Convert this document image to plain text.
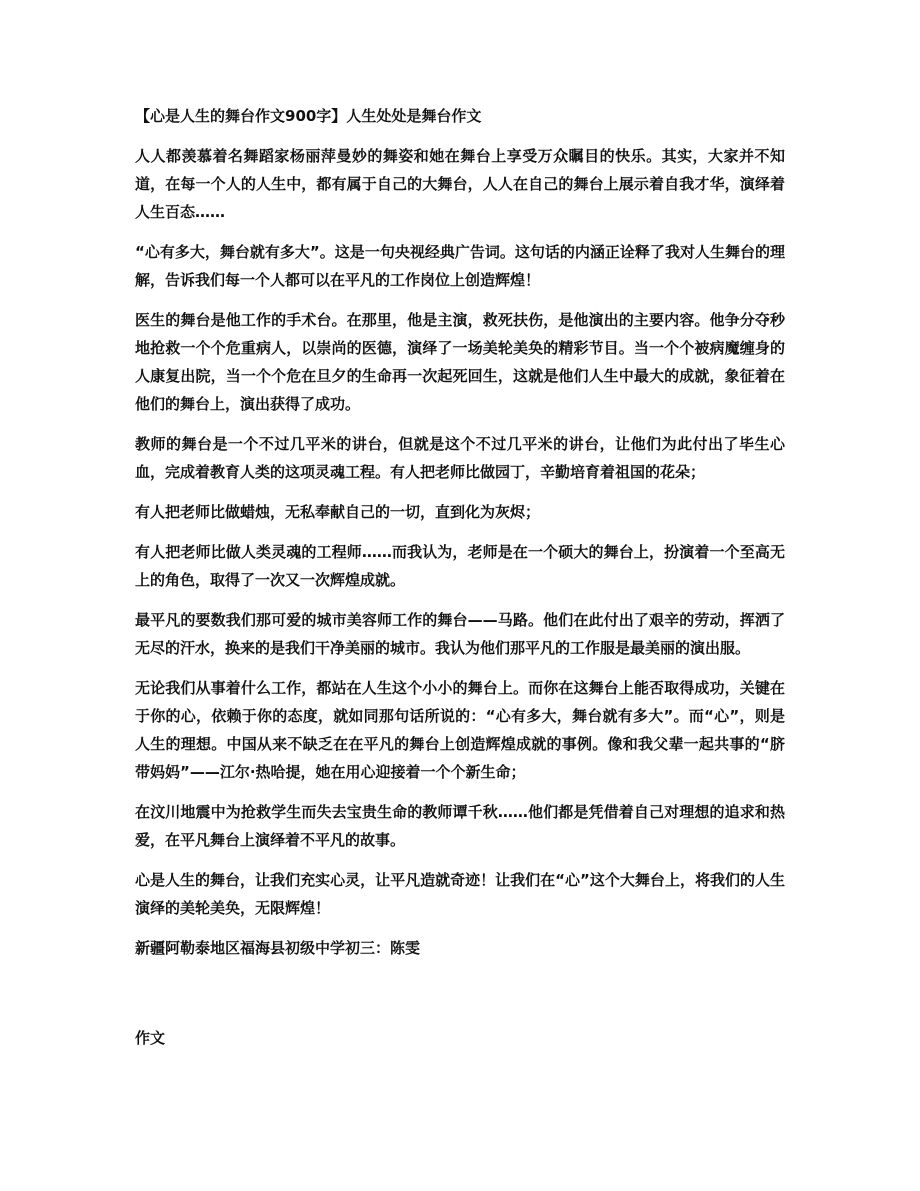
【心是人生的舞台作文900字】人生处处是舞台作文

人人都羡慕着名舞蹈家杨丽萍曼妙的舞姿和她在舞台上享受万众瞩目的快乐。其实，大家并不知道，在每一个人的人生中，都有属于自己的大舞台，人人在自己的舞台上展示着自我才华，演绎着人生百态……

“心有多大，舞台就有多大”。这是一句央视经典广告词。这句话的内涵正诠释了我对人生舞台的理解，告诉我们每一个人都可以在平凡的工作岗位上创造辉煌！

医生的舞台是他工作的手术台。在那里，他是主演，救死扶伤，是他演出的主要内容。他争分夺秒地抢救一个个危重病人，以崇尚的医德，演绎了一场美轮美奂的精彩节目。当一个个被病魔缠身的人康复出院，当一个个危在旦夕的生命再一次起死回生，这就是他们人生中最大的成就，象征着在他们的舞台上，演出获得了成功。

教师的舞台是一个不过几平米的讲台，但就是这个不过几平米的讲台，让他们为此付出了毕生心血，完成着教育人类的这项灵魂工程。有人把老师比做园丁，辛勤培育着祖国的花朵；

有人把老师比做蜡烛，无私奉献自己的一切，直到化为灰烬；

有人把老师比做人类灵魂的工程师……而我认为，老师是在一个硕大的舞台上，扮演着一个至高无上的角色，取得了一次又一次辉煌成就。

最平凡的要数我们那可爱的城市美容师工作的舞台——马路。他们在此付出了艰辛的劳动，挥洒了无尽的汗水，换来的是我们干净美丽的城市。我认为他们那平凡的工作服是最美丽的演出服。

无论我们从事着什么工作，都站在人生这个小小的舞台上。而你在这舞台上能否取得成功，关键在于你的心，依赖于你的态度，就如同那句话所说的：“心有多大，舞台就有多大”。而“心”，则是人生的理想。中国从来不缺乏在在平凡的舞台上创造辉煌成就的事例。像和我父辈一起共事的“脐带妈妈”——江尔·热哈提，她在用心迎接着一个个新生命；

在汶川地震中为抢救学生而失去宝贵生命的教师谭千秋……他们都是凭借着自己对理想的追求和热爱，在平凡舞台上演绎着不平凡的故事。

心是人生的舞台，让我们充实心灵，让平凡造就奇迹！让我们在“心”这个大舞台上，将我们的人生演绎的美轮美奂，无限辉煌！

新疆阿勒泰地区福海县初级中学初三：陈雯

作文
